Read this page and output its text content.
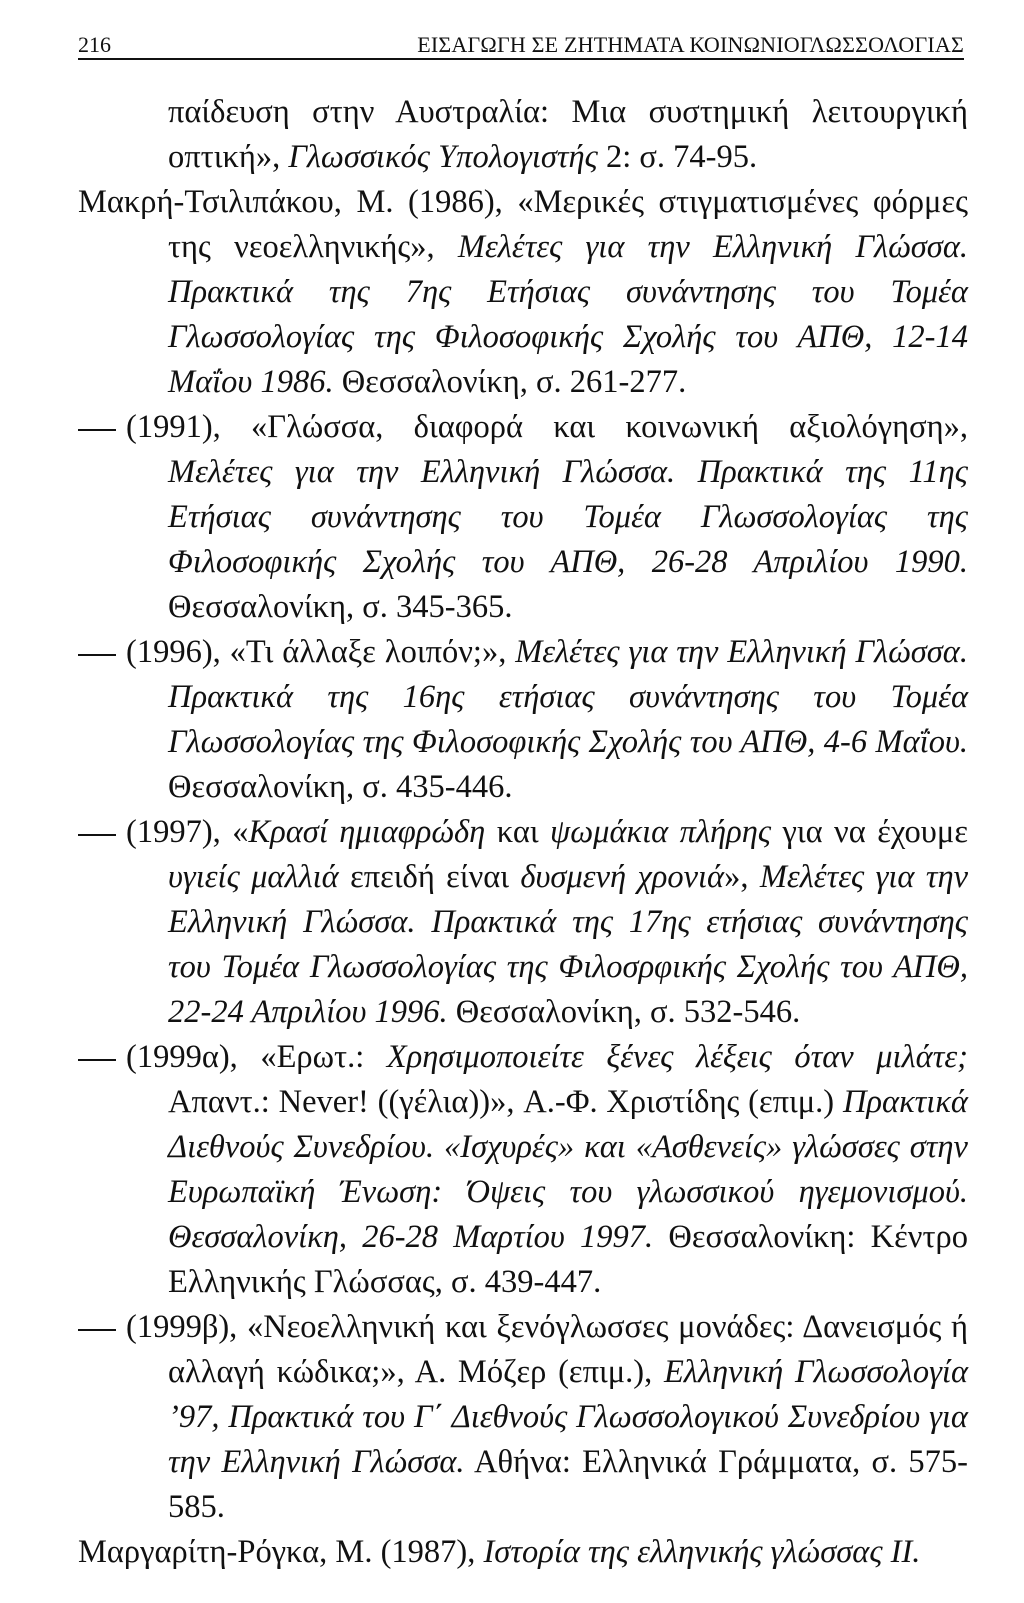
216	ΕΙΣΑΓΩΓΗ ΣΕ ΖΗΤΗΜΑΤΑ ΚΟΙΝΩΝΙΟΓΛΩΣΣΟΛΟΓΙΑΣ

παίδευση στην Αυστραλία: Μια συστημική λειτουργική οπτική», Γλωσσικός Υπολογιστής 2: σ. 74-95.

Μακρή-Τσιλιπάκου, Μ. (1986), «Μερικές στιγματισμένες φόρμες της νεοελληνικής», Μελέτες για την Ελληνική Γλώσσα. Πρακτικά της 7ης Ετήσιας συνάντησης του Τομέα Γλωσσολογίας της Φιλοσοφικής Σχολής του ΑΠΘ, 12-14 Μαΐου 1986. Θεσσαλονίκη, σ. 261-277.

(1991), «Γλώσσα, διαφορά και κοινωνική αξιολόγηση», Μελέτες για την Ελληνική Γλώσσα. Πρακτικά της 11ης Ετήσιας συνάντησης του Τομέα Γλωσσολογίας της Φιλοσοφικής Σχολής του ΑΠΘ, 26-28 Απριλίου 1990. Θεσσαλονίκη, σ. 345-365.

(1996), «Τι άλλαξε λοιπόν;», Μελέτες για την Ελληνική Γλώσσα. Πρακτικά της 16ης ετήσιας συνάντησης του Τομέα Γλωσσολογίας της Φιλοσοφικής Σχολής του ΑΠΘ, 4-6 Μαΐου. Θεσσαλονίκη, σ. 435-446.

(1997), «Κρασί ημιαφρώδη και ψωμάκια πλήρης για να έχουμε υγιείς μαλλιά επειδή είναι δυσμενή χρονιά», Μελέτες για την Ελληνική Γλώσσα. Πρακτικά της 17ης ετήσιας συνάντησης του Τομέα Γλωσσολογίας της Φιλοσρφικής Σχολής του ΑΠΘ, 22-24 Απριλίου 1996. Θεσσαλονίκη, σ. 532-546.

(1999α), «Ερωτ.: Χρησιμοποιείτε ξένες λέξεις όταν μιλάτε; Απαντ.: Never! ((γέλια))», Α.-Φ. Χριστίδης (επιμ.) Πρακτικά Διεθνούς Συνεδρίου. «Ισχυρές» και «Ασθενείς» γλώσσες στην Ευρωπαϊκή Ένωση: Όψεις του γλωσσικού ηγεμονισμού. Θεσσαλονίκη, 26-28 Μαρτίου 1997. Θεσσαλονίκη: Κέντρο Ελληνικής Γλώσσας, σ. 439-447.

(1999β), «Νεοελληνική και ξενόγλωσσες μονάδες: Δανεισμός ή αλλαγή κώδικα;», Α. Μόζερ (επιμ.), Ελληνική Γλωσσολογία ’97, Πρακτικά του Γ΄ Διεθνούς Γλωσσολογικού Συνεδρίου για την Ελληνική Γλώσσα. Αθήνα: Ελληνικά Γράμματα, σ. 575-585.

Μαργαρίτη-Ρόγκα, Μ. (1987), Ιστορία της ελληνικής γλώσσας ΙΙ.
